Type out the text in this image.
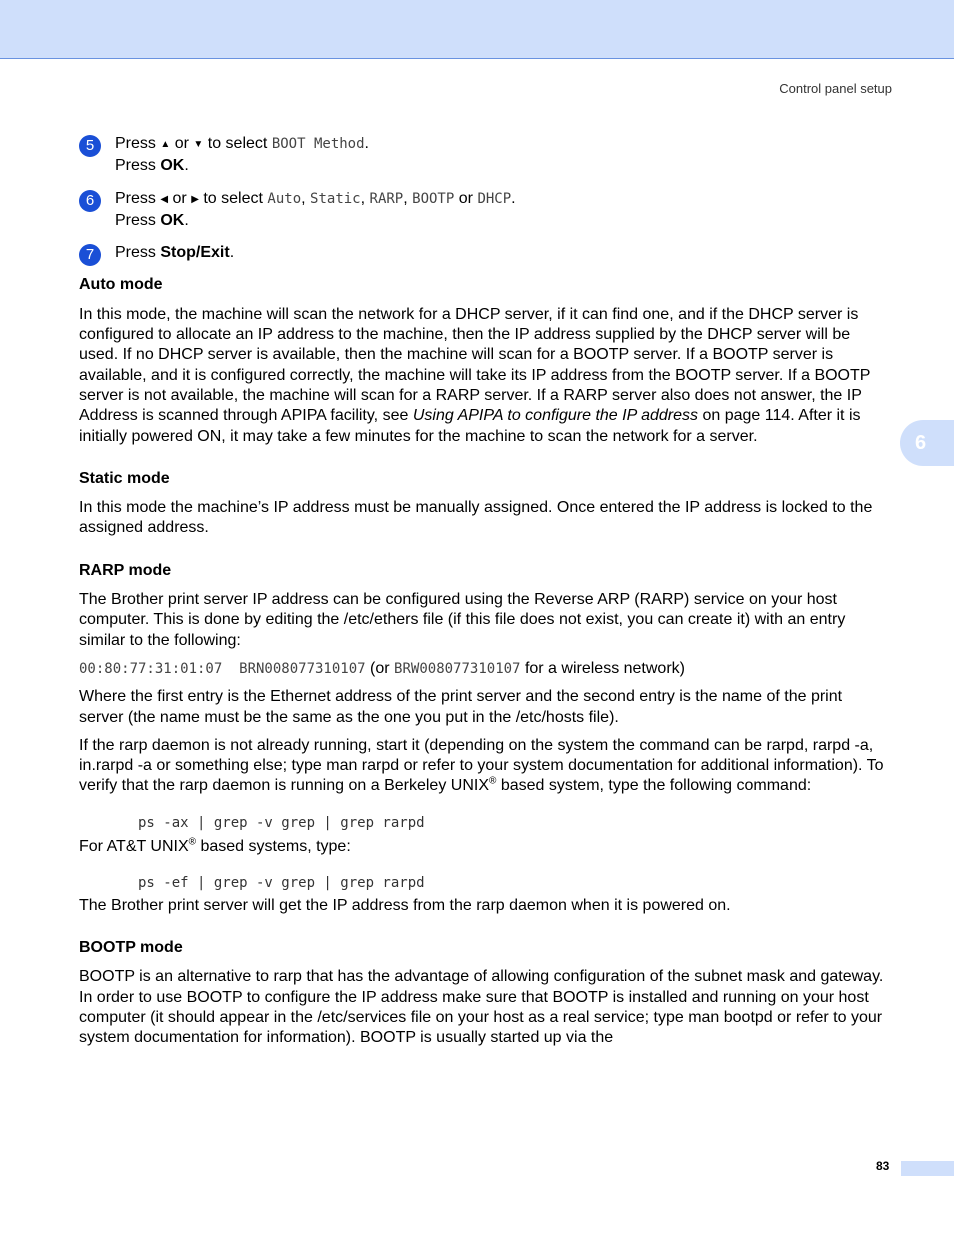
Control panel setup
6
5	Press ▲ or ▼ to select BOOT Method.
Press OK.
6	Press ◀ or ▶ to select Auto, Static, RARP, BOOTP or DHCP.
Press OK.
7	Press Stop/Exit.
Auto mode

In this mode, the machine will scan the network for a DHCP server, if it can find one, and if the DHCP server is configured to allocate an IP address to the machine, then the IP address supplied by the DHCP server will be used. If no DHCP server is available, then the machine will scan for a BOOTP server. If a BOOTP server is available, and it is configured correctly, the machine will take its IP address from the BOOTP server. If a BOOTP server is not available, the machine will scan for a RARP server. If a RARP server also does not answer, the IP Address is scanned through APIPA facility, see Using APIPA to configure the IP address on page 114. After it is initially powered ON, it may take a few minutes for the machine to scan the network for a server.

Static mode

In this mode the machine’s IP address must be manually assigned. Once entered the IP address is locked to the assigned address.

RARP mode

The Brother print server IP address can be configured using the Reverse ARP (RARP) service on your host computer. This is done by editing the /etc/ethers file (if this file does not exist, you can create it) with an entry similar to the following:

00:80:77:31:01:07  BRN008077310107 (or BRW008077310107 for a wireless network)

Where the first entry is the Ethernet address of the print server and the second entry is the name of the print server (the name must be the same as the one you put in the /etc/hosts file).

If the rarp daemon is not already running, start it (depending on the system the command can be rarpd, rarpd -a, in.rarpd -a or something else; type man rarpd or refer to your system documentation for additional information). To verify that the rarp daemon is running on a Berkeley UNIX® based system, type the following command:

ps -ax | grep -v grep | grep rarpd

For AT&T UNIX® based systems, type:

ps -ef | grep -v grep | grep rarpd

The Brother print server will get the IP address from the rarp daemon when it is powered on.

BOOTP mode

BOOTP is an alternative to rarp that has the advantage of allowing configuration of the subnet mask and gateway. In order to use BOOTP to configure the IP address make sure that BOOTP is installed and running on your host computer (it should appear in the /etc/services file on your host as a real service; type man bootpd or refer to your system documentation for information). BOOTP is usually started up via the

83
